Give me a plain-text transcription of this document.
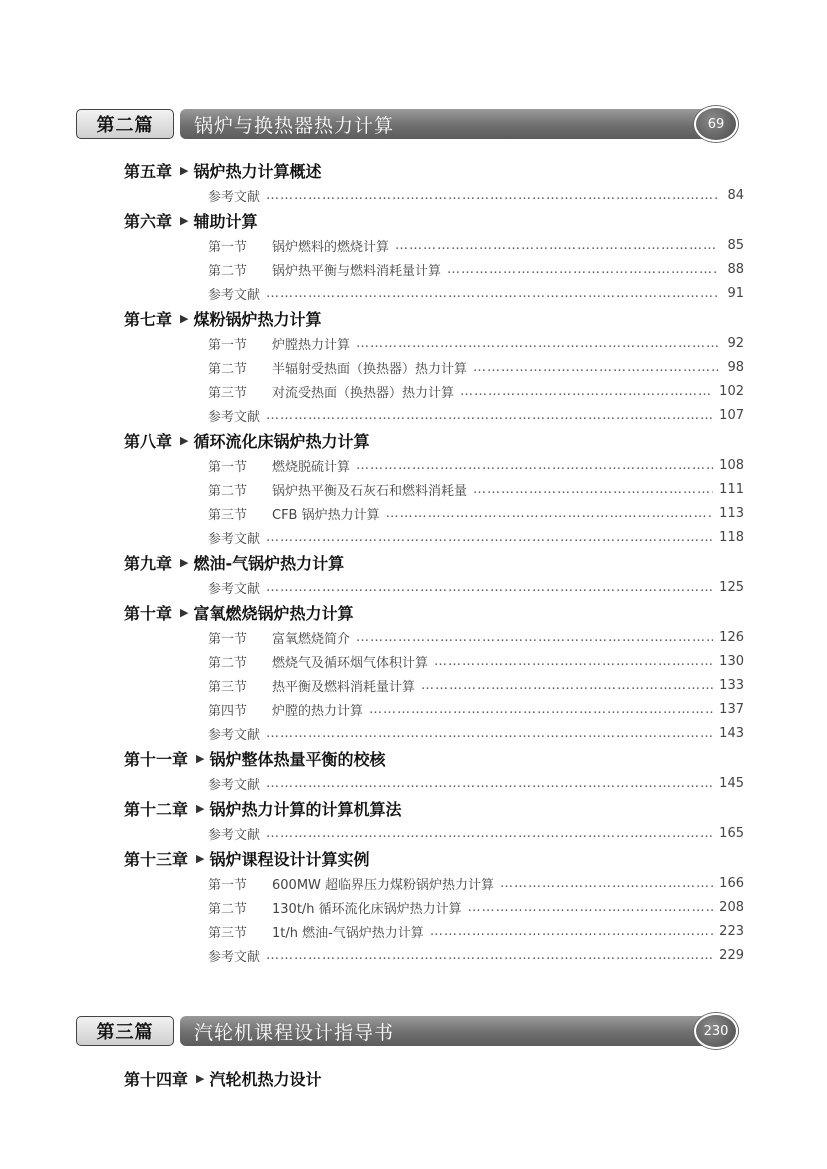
第二篇	锅炉与换热器热力计算	69
第五章 ▶ 锅炉热力计算概述
参考文献 ……………………………………………………………………………………………………………………………………	84
第六章 ▶ 辅助计算
第一节	锅炉燃料的燃烧计算 ……………………………………………………………………………………………………………………………………	85
第二节	锅炉热平衡与燃料消耗量计算 ……………………………………………………………………………………………………………………………………	88
参考文献 ……………………………………………………………………………………………………………………………………	91
第七章 ▶ 煤粉锅炉热力计算
第一节	炉膛热力计算 ……………………………………………………………………………………………………………………………………	92
第二节	半辐射受热面（换热器）热力计算 ……………………………………………………………………………………………………………………………………	98
第三节	对流受热面（换热器）热力计算 ……………………………………………………………………………………………………………………………………	102
参考文献 ……………………………………………………………………………………………………………………………………	107
第八章 ▶ 循环流化床锅炉热力计算
第一节	燃烧脱硫计算 ……………………………………………………………………………………………………………………………………	108
第二节	锅炉热平衡及石灰石和燃料消耗量 ……………………………………………………………………………………………………………………………………	111
第三节	CFB 锅炉热力计算 ……………………………………………………………………………………………………………………………………	113
参考文献 ……………………………………………………………………………………………………………………………………	118
第九章 ▶ 燃油-气锅炉热力计算
参考文献 ……………………………………………………………………………………………………………………………………	125
第十章 ▶ 富氧燃烧锅炉热力计算
第一节	富氧燃烧简介 ……………………………………………………………………………………………………………………………………	126
第二节	燃烧气及循环烟气体积计算 ……………………………………………………………………………………………………………………………………	130
第三节	热平衡及燃料消耗量计算 ……………………………………………………………………………………………………………………………………	133
第四节	炉膛的热力计算 ……………………………………………………………………………………………………………………………………	137
参考文献 ……………………………………………………………………………………………………………………………………	143
第十一章 ▶ 锅炉整体热量平衡的校核
参考文献 ……………………………………………………………………………………………………………………………………	145
第十二章 ▶ 锅炉热力计算的计算机算法
参考文献 ……………………………………………………………………………………………………………………………………	165
第十三章 ▶ 锅炉课程设计计算实例
第一节	600MW 超临界压力煤粉锅炉热力计算 ……………………………………………………………………………………………………………………………………	166
第二节	130t/h 循环流化床锅炉热力计算 ……………………………………………………………………………………………………………………………………	208
第三节	1t/h 燃油-气锅炉热力计算 ……………………………………………………………………………………………………………………………………	223
参考文献 ……………………………………………………………………………………………………………………………………	229
第三篇	汽轮机课程设计指导书	230
第十四章 ▶ 汽轮机热力设计
